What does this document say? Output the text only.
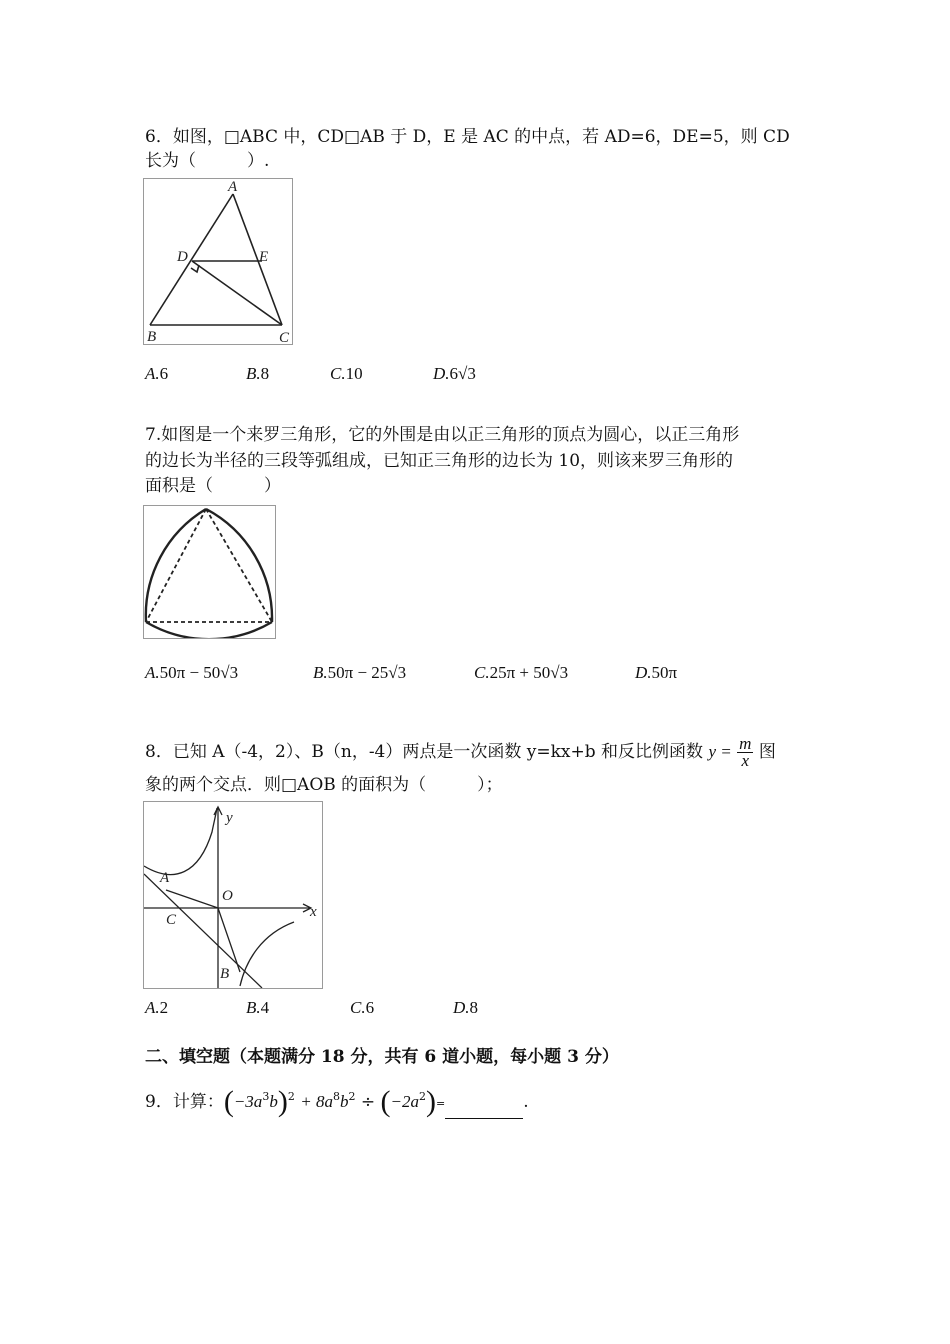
6．如图，□ABC 中，CD□AB 于 D，E 是 AC 的中点，若 AD=6，DE=5，则 CD
长为（　　　）.
A
D	E
B	C
A.6	B.8	C.10	D.6√3
7.如图是一个来罗三角形，它的外围是由以正三角形的顶点为圆心，以正三角形
的边长为半径的三段等弧组成，已知正三角形的边长为 10，则该来罗三角形的
面积是（　　　）
A.50π − 50√3	B.50π − 25√3	C.25π + 50√3	D.50π
8．已知 A（-4，2）、B（n，-4）两点是一次函数 y=kx+b 和反比例函数 $y = \frac{m}{x}$ 图
象的两个交点．则□AOB 的面积为（　　　）；
y
x
A
O
C
B
A.2	B.4	C.6	D.8
二、填空题（本题满分 18 分，共有 6 道小题，每小题 3 分）
9．计算：$(-3a^3b)^2 + 8a^8b^2 \div (-2a^2)=$	.
